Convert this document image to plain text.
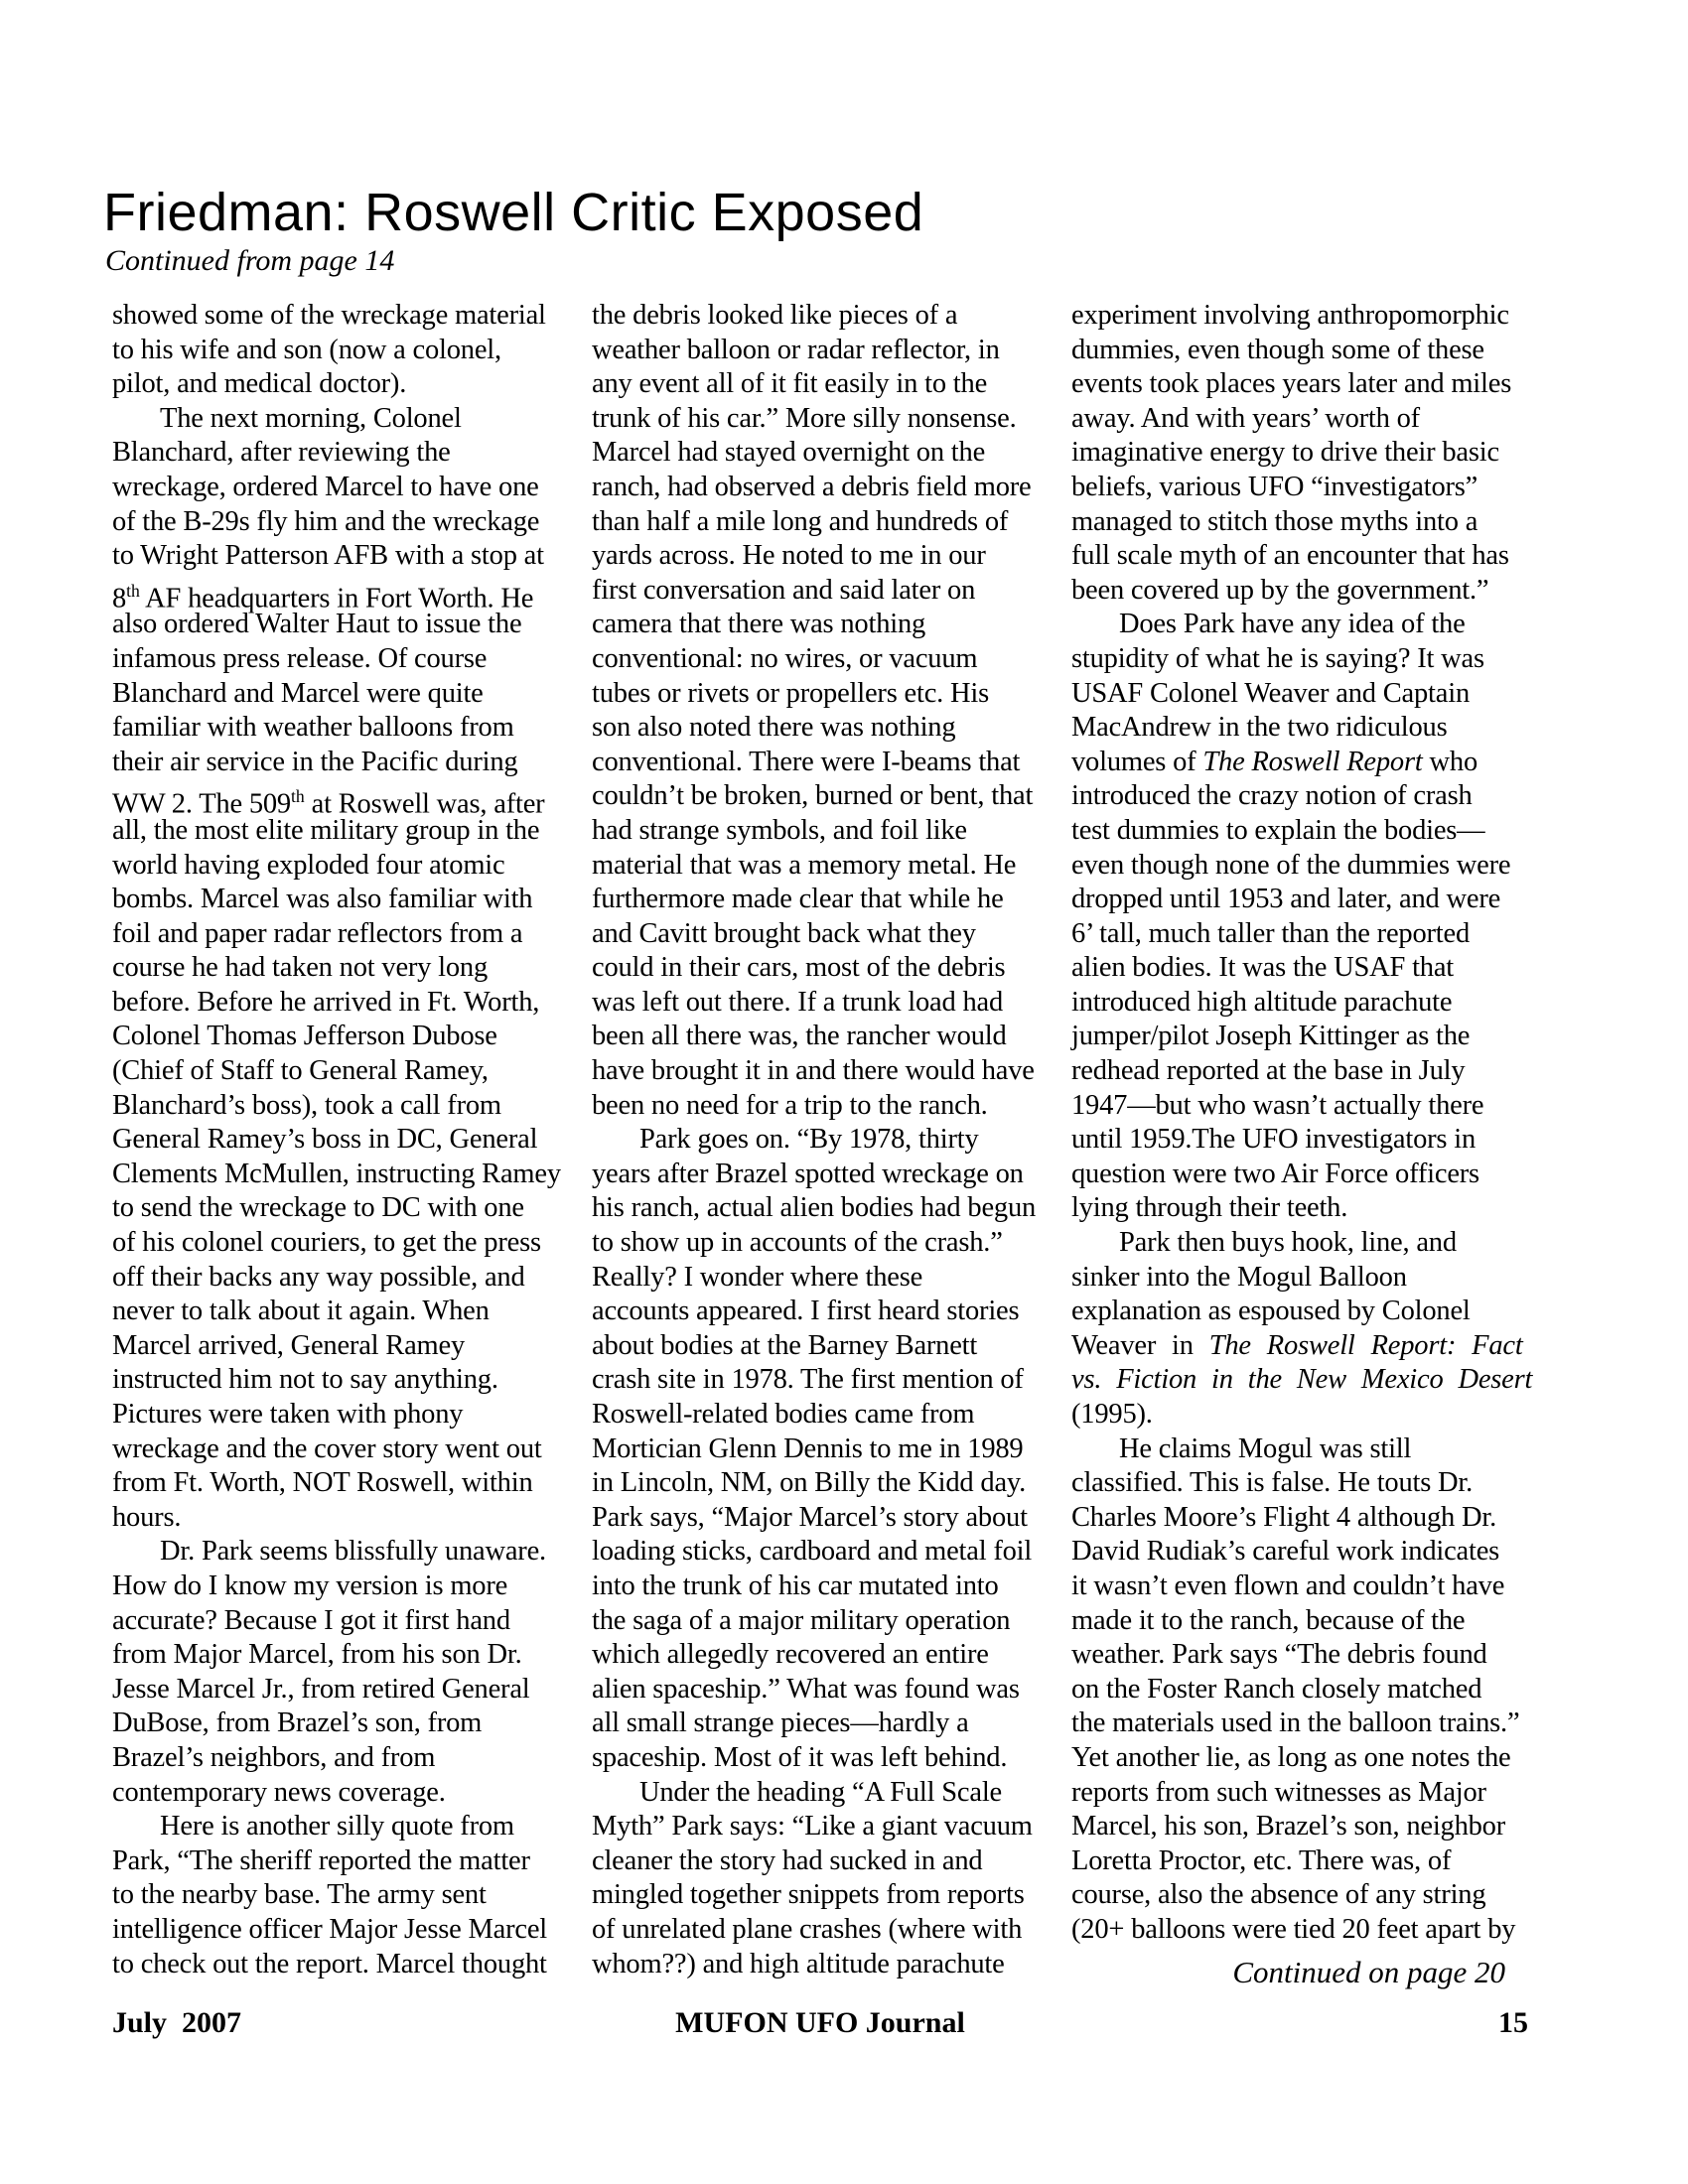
Friedman: Roswell Critic Exposed
Continued from page 14
showed some of the wreckage material
to his wife and son (now a colonel,
pilot, and medical doctor).
The next morning, Colonel
Blanchard, after reviewing the
wreckage, ordered Marcel to have one
of the B-29s fly him and the wreckage
to Wright Patterson AFB with a stop at
8th AF headquarters in Fort Worth. He
also ordered Walter Haut to issue the
infamous press release. Of course
Blanchard and Marcel were quite
familiar with weather balloons from
their air service in the Pacific during
WW 2. The 509th at Roswell was, after
all, the most elite military group in the
world having exploded four atomic
bombs. Marcel was also familiar with
foil and paper radar reflectors from a
course he had taken not very long
before. Before he arrived in Ft. Worth,
Colonel Thomas Jefferson Dubose
(Chief of Staff to General Ramey,
Blanchard’s boss), took a call from
General Ramey’s boss in DC, General
Clements McMullen, instructing Ramey
to send the wreckage to DC with one
of his colonel couriers, to get the press
off their backs any way possible, and
never to talk about it again. When
Marcel arrived, General Ramey
instructed him not to say anything.
Pictures were taken with phony
wreckage and the cover story went out
from Ft. Worth, NOT Roswell, within
hours.
Dr. Park seems blissfully unaware.
How do I know my version is more
accurate? Because I got it first hand
from Major Marcel, from his son Dr.
Jesse Marcel Jr., from retired General
DuBose, from Brazel’s son, from
Brazel’s neighbors, and from
contemporary news coverage.
Here is another silly quote from
Park, “The sheriff reported the matter
to the nearby base. The army sent
intelligence officer Major Jesse Marcel
to check out the report. Marcel thought
the debris looked like pieces of a
weather balloon or radar reflector, in
any event all of it fit easily in to the
trunk of his car.” More silly nonsense.
Marcel had stayed overnight on the
ranch, had observed a debris field more
than half a mile long and hundreds of
yards across. He noted to me in our
first conversation and said later on
camera that there was nothing
conventional: no wires, or vacuum
tubes or rivets or propellers etc. His
son also noted there was nothing
conventional. There were I-beams that
couldn’t be broken, burned or bent, that
had strange symbols, and foil like
material that was a memory metal. He
furthermore made clear that while he
and Cavitt brought back what they
could in their cars, most of the debris
was left out there. If a trunk load had
been all there was, the rancher would
have brought it in and there would have
been no need for a trip to the ranch.
Park goes on. “By 1978, thirty
years after Brazel spotted wreckage on
his ranch, actual alien bodies had begun
to show up in accounts of the crash.”
Really? I wonder where these
accounts appeared. I first heard stories
about bodies at the Barney Barnett
crash site in 1978. The first mention of
Roswell-related bodies came from
Mortician Glenn Dennis to me in 1989
in Lincoln, NM, on Billy the Kidd day.
Park says, “Major Marcel’s story about
loading sticks, cardboard and metal foil
into the trunk of his car mutated into
the saga of a major military operation
which allegedly recovered an entire
alien spaceship.” What was found was
all small strange pieces—hardly a
spaceship. Most of it was left behind.
Under the heading “A Full Scale
Myth” Park says: “Like a giant vacuum
cleaner the story had sucked in and
mingled together snippets from reports
of unrelated plane crashes (where with
whom??) and high altitude parachute
experiment involving anthropomorphic
dummies, even though some of these
events took places years later and miles
away. And with years’ worth of
imaginative energy to drive their basic
beliefs, various UFO “investigators”
managed to stitch those myths into a
full scale myth of an encounter that has
been covered up by the government.”
Does Park have any idea of the
stupidity of what he is saying? It was
USAF Colonel Weaver and Captain
MacAndrew in the two ridiculous
volumes of The Roswell Report who
introduced the crazy notion of crash
test dummies to explain the bodies—
even though none of the dummies were
dropped until 1953 and later, and were
6’ tall, much taller than the reported
alien bodies. It was the USAF that
introduced high altitude parachute
jumper/pilot Joseph Kittinger as the
redhead reported at the base in July
1947—but who wasn’t actually there
until 1959.The UFO investigators in
question were two Air Force officers
lying through their teeth.
Park then buys hook, line, and
sinker into the Mogul Balloon
explanation as espoused by Colonel
Weaver in The Roswell Report: Fact
vs. Fiction in the New Mexico Desert
(1995).
He claims Mogul was still
classified. This is false. He touts Dr.
Charles Moore’s Flight 4 although Dr.
David Rudiak’s careful work indicates
it wasn’t even flown and couldn’t have
made it to the ranch, because of the
weather. Park says “The debris found
on the Foster Ranch closely matched
the materials used in the balloon trains.”
Yet another lie, as long as one notes the
reports from such witnesses as Major
Marcel, his son, Brazel’s son, neighbor
Loretta Proctor, etc. There was, of
course, also the absence of any string
(20+ balloons were tied 20 feet apart by
Continued on page 20
July  2007	MUFON UFO Journal	15
